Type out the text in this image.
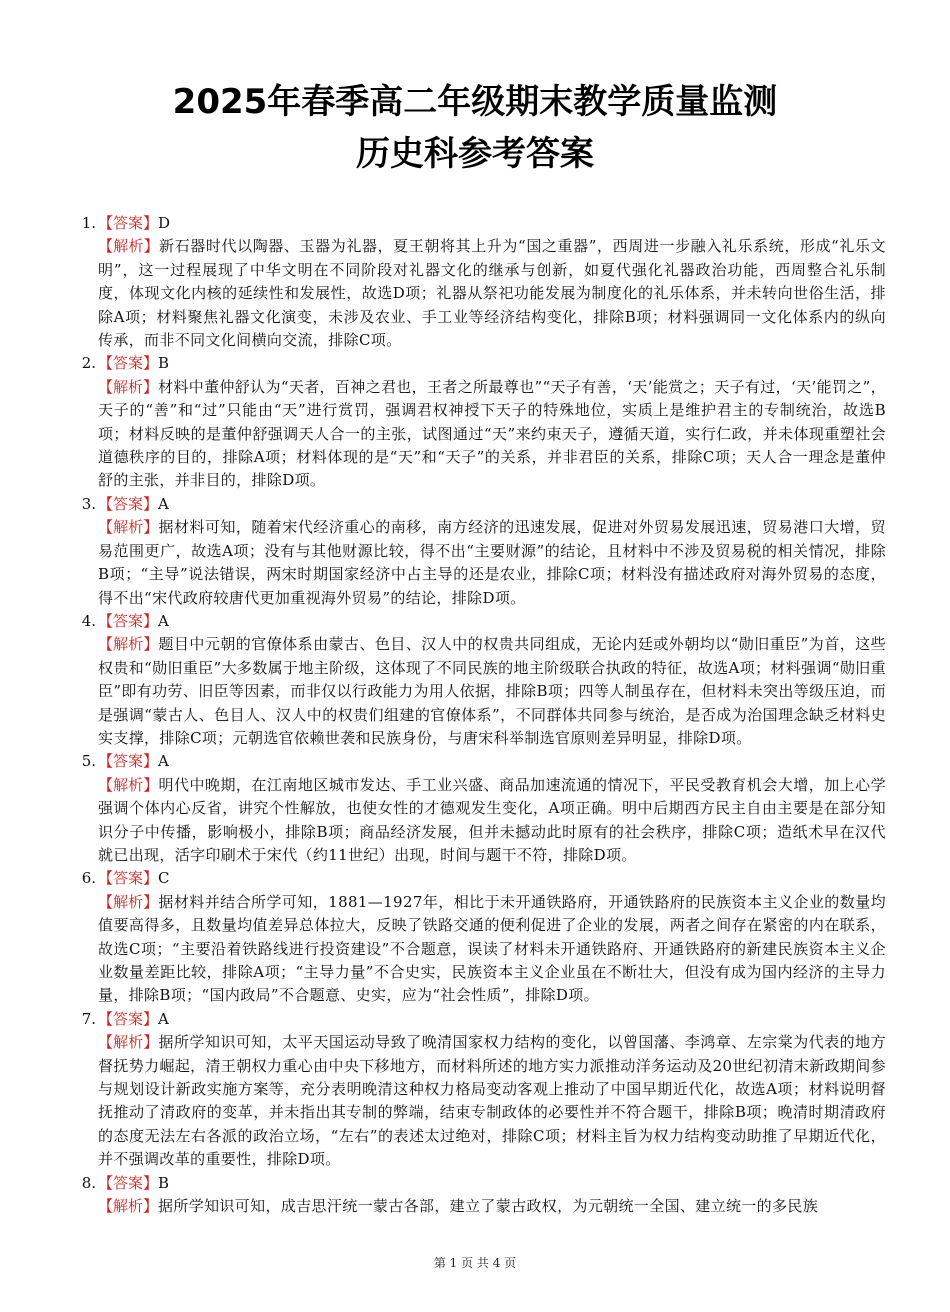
2025年春季高二年级期末教学质量监测
历史科参考答案
1. 【答案】D
【解析】新石器时代以陶器、玉器为礼器，夏王朝将其上升为“国之重器”，西周进一步融入礼乐系统，形成“礼乐文明”，这一过程展现了中华文明在不同阶段对礼器文化的继承与创新，如夏代强化礼器政治功能，西周整合礼乐制度，体现文化内核的延续性和发展性，故选D项；礼器从祭祀功能发展为制度化的礼乐体系，并未转向世俗生活，排除A项；材料聚焦礼器文化演变，未涉及农业、手工业等经济结构变化，排除B项；材料强调同一文化体系内的纵向传承，而非不同文化间横向交流，排除C项。
2. 【答案】B
【解析】材料中董仲舒认为“天者，百神之君也，王者之所最尊也”“天子有善，‘天’能赏之；天子有过，‘天’能罚之”，天子的“善”和“过”只能由“天”进行赏罚，强调君权神授下天子的特殊地位，实质上是维护君主的专制统治，故选B项；材料反映的是董仲舒强调天人合一的主张，试图通过“天”来约束天子，遵循天道，实行仁政，并未体现重塑社会道德秩序的目的，排除A项；材料体现的是“天”和“天子”的关系，并非君臣的关系，排除C项；天人合一理念是董仲舒的主张，并非目的，排除D项。
3. 【答案】A
【解析】据材料可知，随着宋代经济重心的南移，南方经济的迅速发展，促进对外贸易发展迅速，贸易港口大增，贸易范围更广，故选A项；没有与其他财源比较，得不出“主要财源”的结论，且材料中不涉及贸易税的相关情况，排除B项；“主导”说法错误，两宋时期国家经济中占主导的还是农业，排除C项；材料没有描述政府对海外贸易的态度，得不出“宋代政府较唐代更加重视海外贸易”的结论，排除D项。
4. 【答案】A
【解析】题目中元朝的官僚体系由蒙古、色目、汉人中的权贵共同组成，无论内廷或外朝均以“勋旧重臣”为首，这些权贵和“勋旧重臣”大多数属于地主阶级，这体现了不同民族的地主阶级联合执政的特征，故选A项；材料强调“勋旧重臣”即有功劳、旧臣等因素，而非仅以行政能力为用人依据，排除B项；四等人制虽存在，但材料未突出等级压迫，而是强调“蒙古人、色目人、汉人中的权贵们组建的官僚体系”，不同群体共同参与统治，是否成为治国理念缺乏材料史实支撑，排除C项；元朝选官依赖世袭和民族身份，与唐宋科举制选官原则差异明显，排除D项。
5. 【答案】A
【解析】明代中晚期，在江南地区城市发达、手工业兴盛、商品加速流通的情况下，平民受教育机会大增，加上心学强调个体内心反省，讲究个性解放，也使女性的才德观发生变化，A项正确。明中后期西方民主自由主要是在部分知识分子中传播，影响极小，排除B项；商品经济发展，但并未撼动此时原有的社会秩序，排除C项；造纸术早在汉代就已出现，活字印刷术于宋代（约11世纪）出现，时间与题干不符，排除D项。
6. 【答案】C
【解析】据材料并结合所学可知，1881—1927年，相比于未开通铁路府，开通铁路府的民族资本主义企业的数量均值要高得多，且数量均值差异总体拉大，反映了铁路交通的便利促进了企业的发展，两者之间存在紧密的内在联系，故选C项；“主要沿着铁路线进行投资建设”不合题意，误读了材料未开通铁路府、开通铁路府的新建民族资本主义企业数量差距比较，排除A项；“主导力量”不合史实，民族资本主义企业虽在不断壮大，但没有成为国内经济的主导力量，排除B项；“国内政局”不合题意、史实，应为“社会性质”，排除D项。
7. 【答案】A
【解析】据所学知识可知，太平天国运动导致了晚清国家权力结构的变化，以曾国藩、李鸿章、左宗棠为代表的地方督抚势力崛起，清王朝权力重心由中央下移地方，而材料所述的地方实力派推动洋务运动及20世纪初清末新政期间参与规划设计新政实施方案等，充分表明晚清这种权力格局变动客观上推动了中国早期近代化，故选A项；材料说明督抚推动了清政府的变革，并未指出其专制的弊端，结束专制政体的必要性并不符合题干，排除B项；晚清时期清政府的态度无法左右各派的政治立场，“左右”的表述太过绝对，排除C项；材料主旨为权力结构变动助推了早期近代化，并不强调改革的重要性，排除D项。
8. 【答案】B
【解析】据所学知识可知，成吉思汗统一蒙古各部，建立了蒙古政权，为元朝统一全国、建立统一的多民族
第 1 页 共 4 页
